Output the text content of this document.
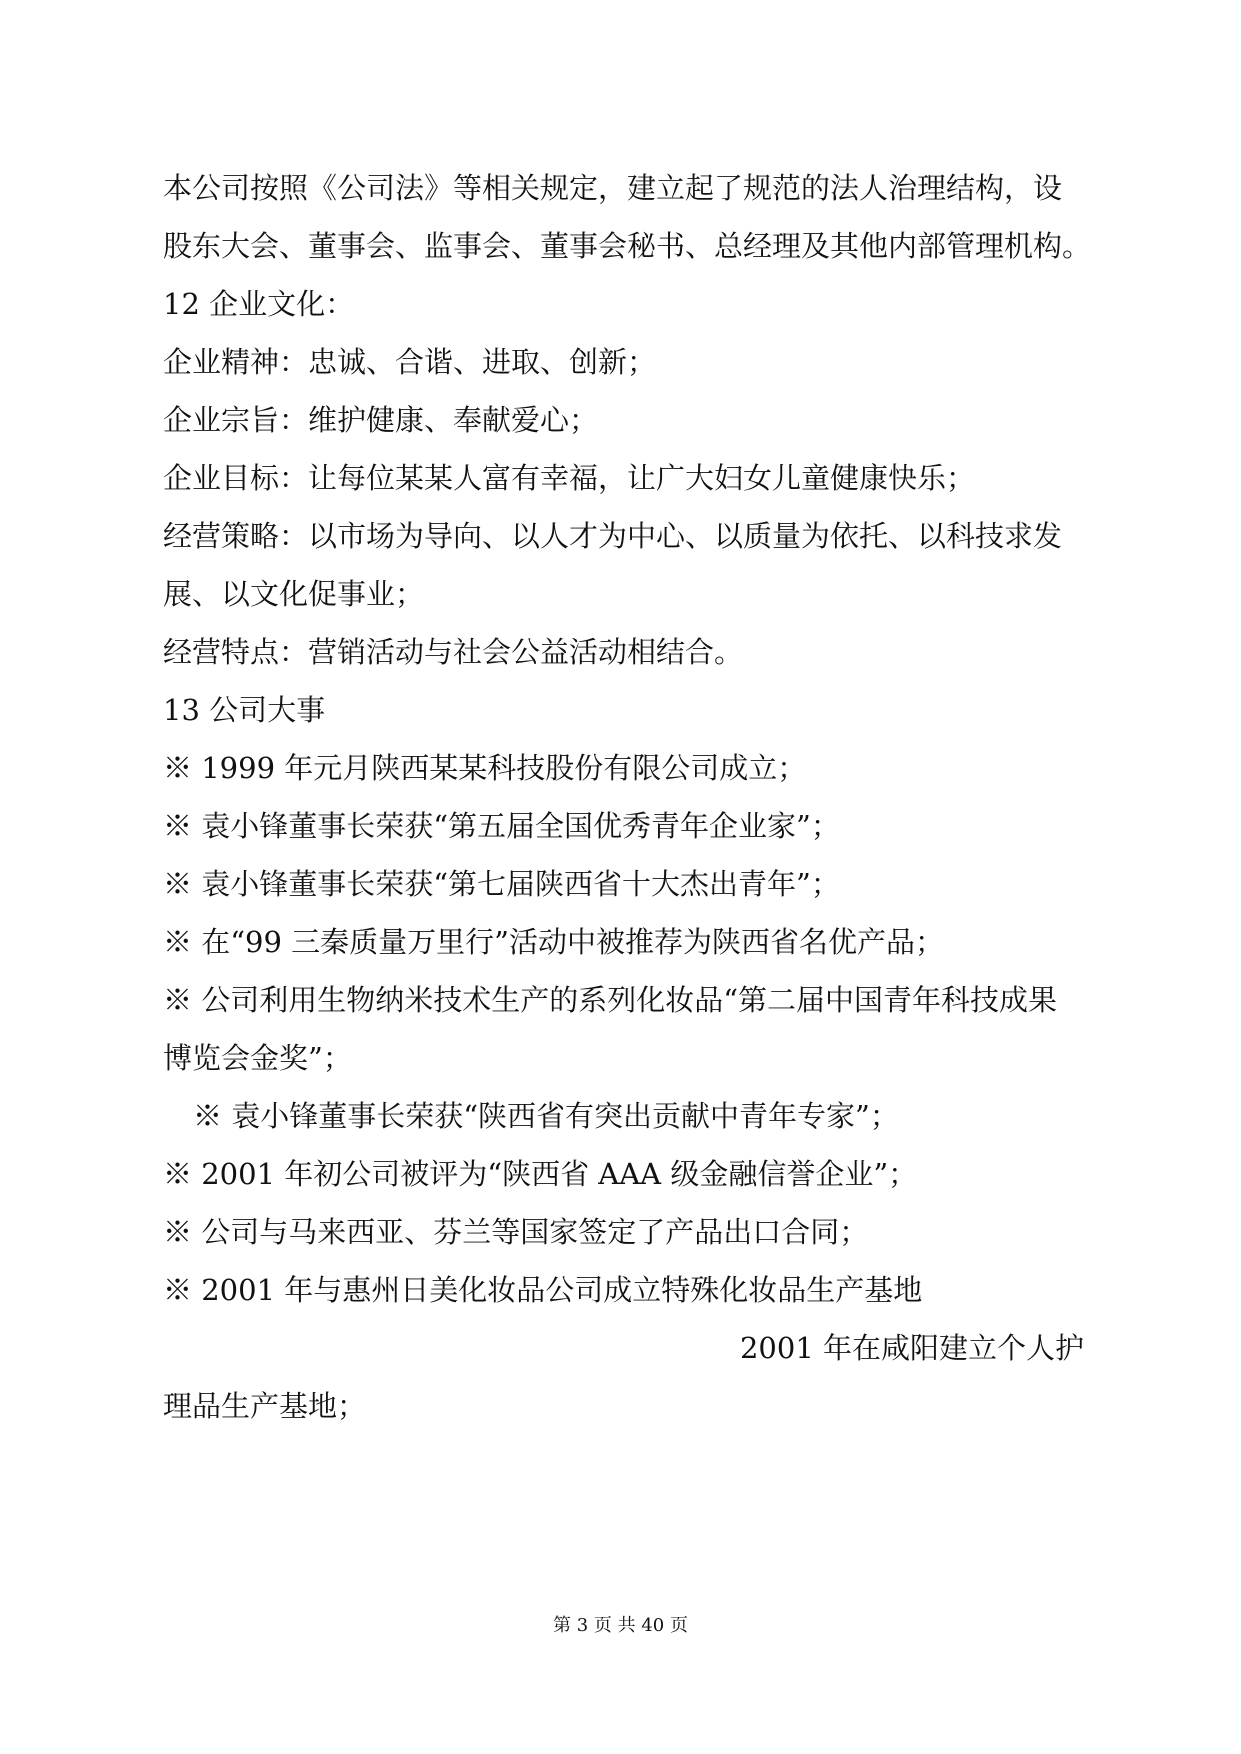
本公司按照《公司法》等相关规定，建立起了规范的法人治理结构，设

股东大会、董事会、监事会、董事会秘书、总经理及其他内部管理机构。

12 企业文化：

企业精神：忠诚、合谐、进取、创新；

企业宗旨：维护健康、奉献爱心；

企业目标：让每位某某人富有幸福，让广大妇女儿童健康快乐；

经营策略：以市场为导向、以人才为中心、以质量为依托、以科技求发

展、以文化促事业；

经营特点：营销活动与社会公益活动相结合。

13 公司大事

※ 1999 年元月陕西某某科技股份有限公司成立；

※ 袁小锋董事长荣获“第五届全国优秀青年企业家”；

※ 袁小锋董事长荣获“第七届陕西省十大杰出青年”；

※ 在“99 三秦质量万里行”活动中被推荐为陕西省名优产品；

※ 公司利用生物纳米技术生产的系列化妆品“第二届中国青年科技成果

博览会金奖”；

※ 袁小锋董事长荣获“陕西省有突出贡献中青年专家”；

※ 2001 年初公司被评为“陕西省 AAA 级金融信誉企业”；

※ 公司与马来西亚、芬兰等国家签定了产品出口合同；

※ 2001 年与惠州日美化妆品公司成立特殊化妆品生产基地

2001 年在咸阳建立个人护

理品生产基地；

第 3 页 共 40 页
